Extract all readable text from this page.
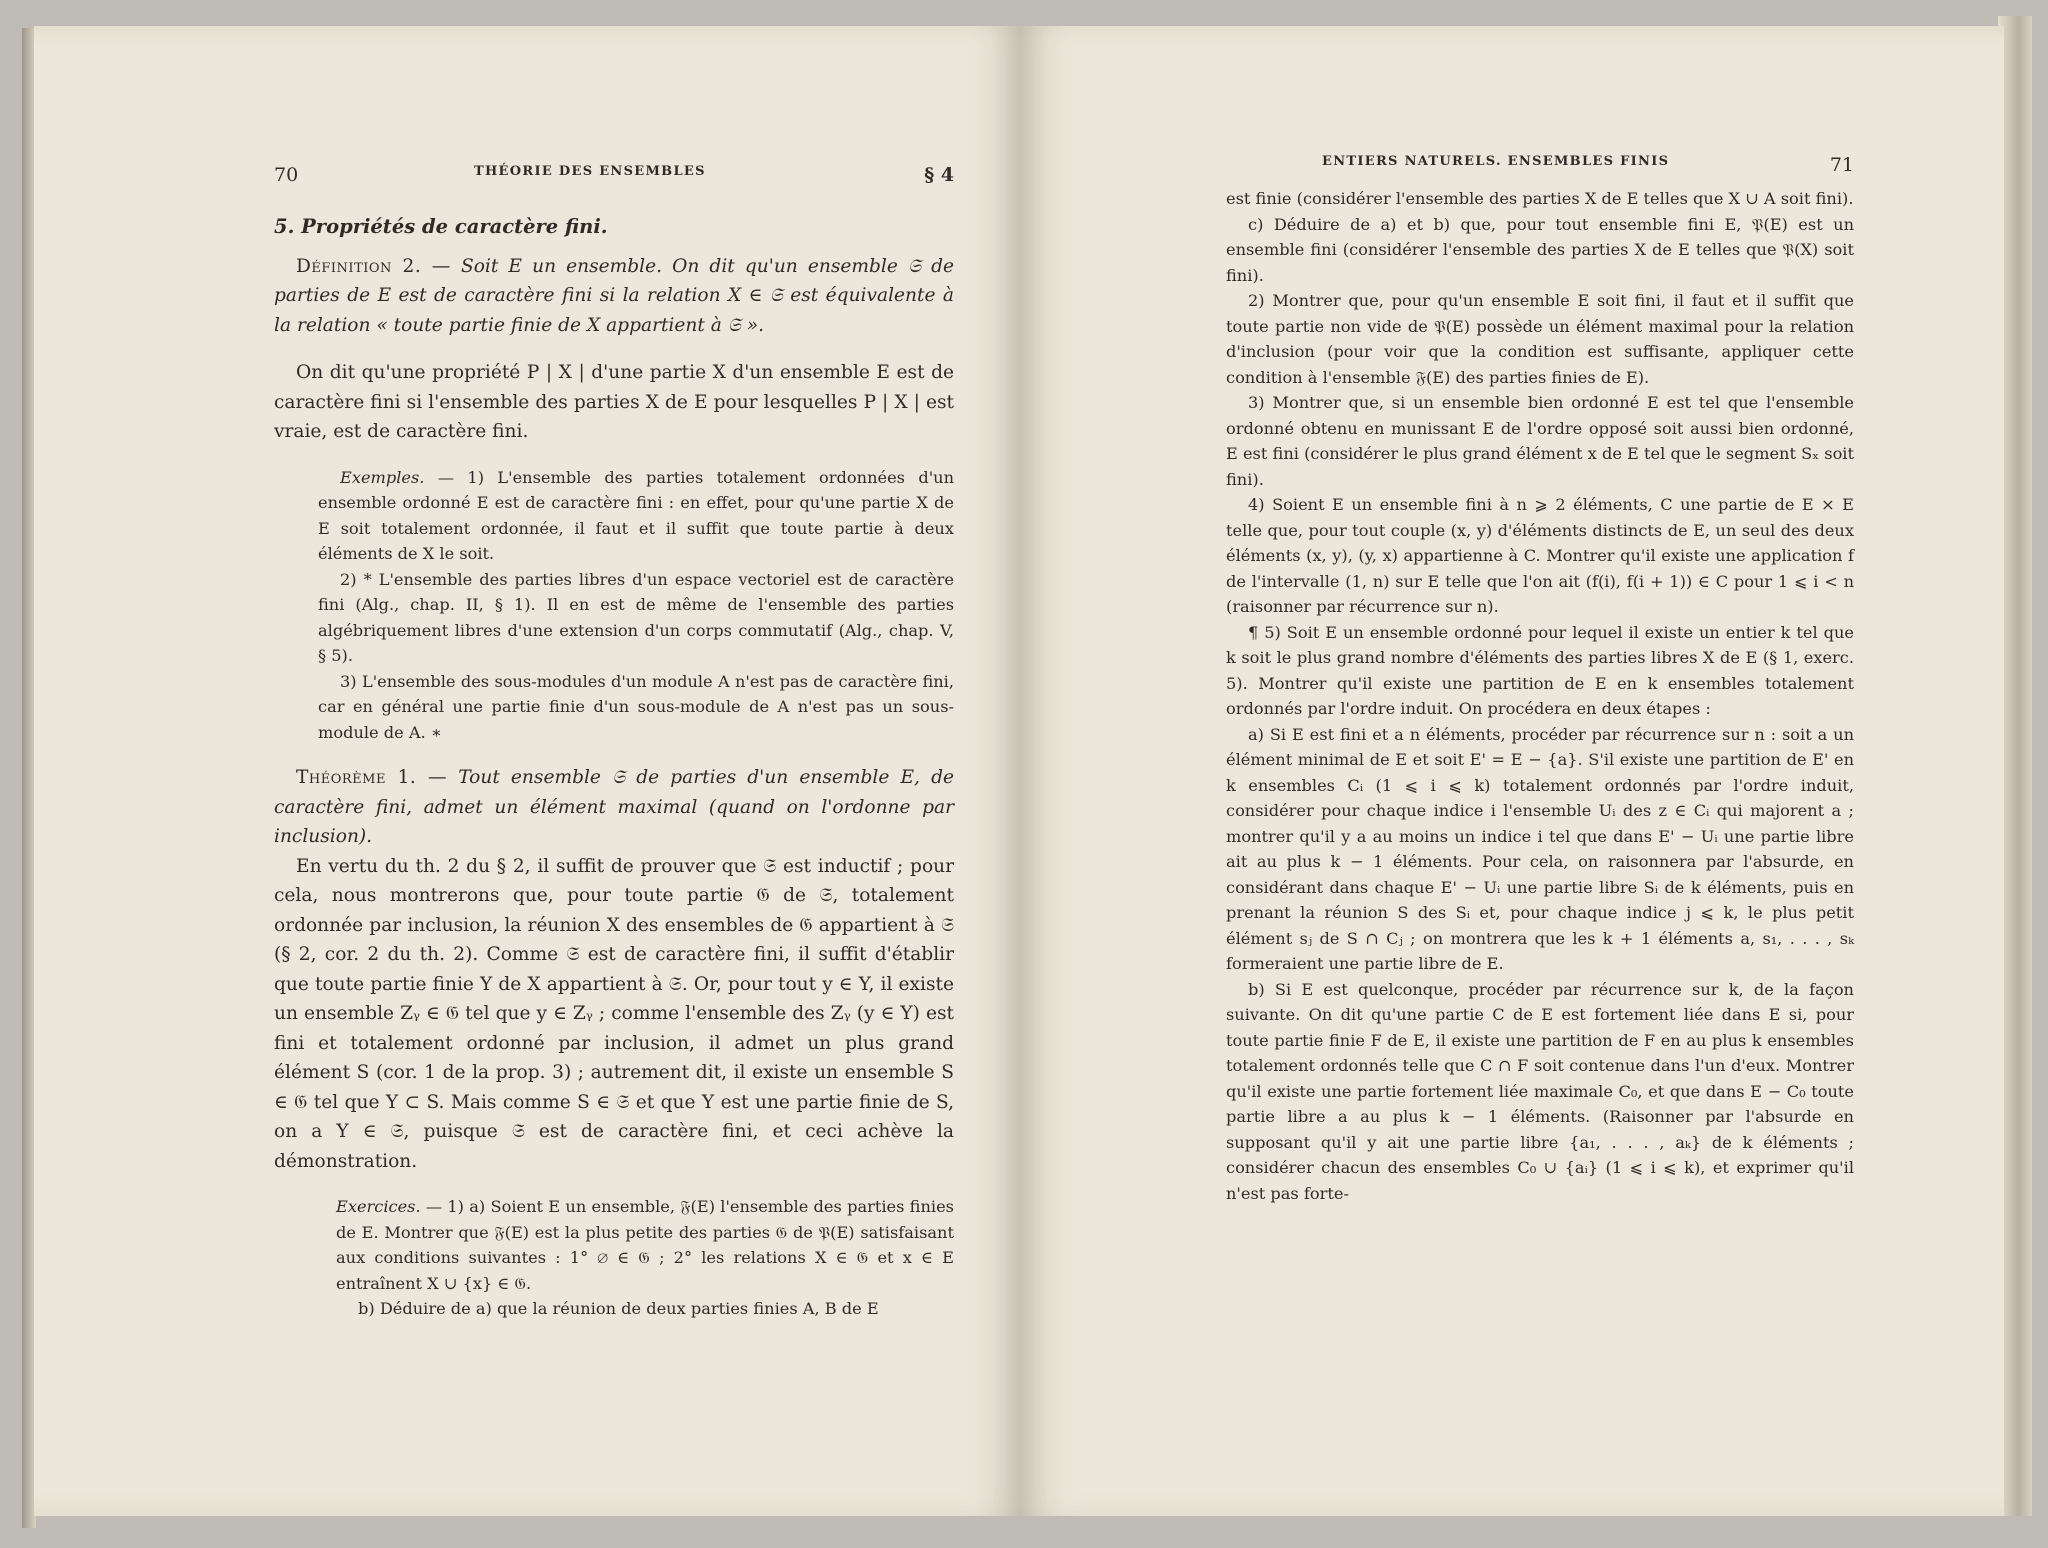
70	THÉORIE DES ENSEMBLES	§ 4

5. Propriétés de caractère fini.

Définition 2. — Soit E un ensemble. On dit qu'un ensemble 𝔖 de parties de E est de caractère fini si la relation X ∈ 𝔖 est équivalente à la relation « toute partie finie de X appartient à 𝔖 ».

On dit qu'une propriété P | X | d'une partie X d'un ensemble E est de caractère fini si l'ensemble des parties X de E pour lesquelles P | X | est vraie, est de caractère fini.

Exemples. — 1) L'ensemble des parties totalement ordonnées d'un ensemble ordonné E est de caractère fini : en effet, pour qu'une partie X de E soit totalement ordonnée, il faut et il suffit que toute partie à deux éléments de X le soit.

2) * L'ensemble des parties libres d'un espace vectoriel est de caractère fini (Alg., chap. II, § 1). Il en est de même de l'ensemble des parties algébriquement libres d'une extension d'un corps commutatif (Alg., chap. V, § 5).

3) L'ensemble des sous-modules d'un module A n'est pas de caractère fini, car en général une partie finie d'un sous-module de A n'est pas un sous-module de A. ∗

Théorème 1. — Tout ensemble 𝔖 de parties d'un ensemble E, de caractère fini, admet un élément maximal (quand on l'ordonne par inclusion).

En vertu du th. 2 du § 2, il suffit de prouver que 𝔖 est inductif ; pour cela, nous montrerons que, pour toute partie 𝔊 de 𝔖, totalement ordonnée par inclusion, la réunion X des ensembles de 𝔊 appartient à 𝔖 (§ 2, cor. 2 du th. 2). Comme 𝔖 est de caractère fini, il suffit d'établir que toute partie finie Y de X appartient à 𝔖. Or, pour tout y ∈ Y, il existe un ensemble Zᵧ ∈ 𝔊 tel que y ∈ Zᵧ ; comme l'ensemble des Zᵧ (y ∈ Y) est fini et totalement ordonné par inclusion, il admet un plus grand élément S (cor. 1 de la prop. 3) ; autrement dit, il existe un ensemble S ∈ 𝔊 tel que Y ⊂ S. Mais comme S ∈ 𝔖 et que Y est une partie finie de S, on a Y ∈ 𝔖, puisque 𝔖 est de caractère fini, et ceci achève la démonstration.

Exercices. — 1) a) Soient E un ensemble, 𝔉(E) l'ensemble des parties finies de E. Montrer que 𝔉(E) est la plus petite des parties 𝔊 de 𝔓(E) satisfaisant aux conditions suivantes : 1° ∅ ∈ 𝔊 ; 2° les relations X ∈ 𝔊 et x ∈ E entraînent X ∪ {x} ∈ 𝔊.

b) Déduire de a) que la réunion de deux parties finies A, B de E

ENTIERS NATURELS. ENSEMBLES FINIS	71

est finie (considérer l'ensemble des parties X de E telles que X ∪ A soit fini).

c) Déduire de a) et b) que, pour tout ensemble fini E, 𝔓(E) est un ensemble fini (considérer l'ensemble des parties X de E telles que 𝔓(X) soit fini).

2) Montrer que, pour qu'un ensemble E soit fini, il faut et il suffit que toute partie non vide de 𝔓(E) possède un élément maximal pour la relation d'inclusion (pour voir que la condition est suffisante, appliquer cette condition à l'ensemble 𝔉(E) des parties finies de E).

3) Montrer que, si un ensemble bien ordonné E est tel que l'ensemble ordonné obtenu en munissant E de l'ordre opposé soit aussi bien ordonné, E est fini (considérer le plus grand élément x de E tel que le segment Sₓ soit fini).

4) Soient E un ensemble fini à n ⩾ 2 éléments, C une partie de E × E telle que, pour tout couple (x, y) d'éléments distincts de E, un seul des deux éléments (x, y), (y, x) appartienne à C. Montrer qu'il existe une application f de l'intervalle (1, n) sur E telle que l'on ait (f(i), f(i + 1)) ∈ C pour 1 ⩽ i < n (raisonner par récurrence sur n).

¶ 5) Soit E un ensemble ordonné pour lequel il existe un entier k tel que k soit le plus grand nombre d'éléments des parties libres X de E (§ 1, exerc. 5). Montrer qu'il existe une partition de E en k ensembles totalement ordonnés par l'ordre induit. On procédera en deux étapes :

a) Si E est fini et a n éléments, procéder par récurrence sur n : soit a un élément minimal de E et soit E' = E − {a}. S'il existe une partition de E' en k ensembles Cᵢ (1 ⩽ i ⩽ k) totalement ordonnés par l'ordre induit, considérer pour chaque indice i l'ensemble Uᵢ des z ∈ Cᵢ qui majorent a ; montrer qu'il y a au moins un indice i tel que dans E' − Uᵢ une partie libre ait au plus k − 1 éléments. Pour cela, on raisonnera par l'absurde, en considérant dans chaque E' − Uᵢ une partie libre Sᵢ de k éléments, puis en prenant la réunion S des Sᵢ et, pour chaque indice j ⩽ k, le plus petit élément sⱼ de S ∩ Cⱼ ; on montrera que les k + 1 éléments a, s₁, . . . , sₖ formeraient une partie libre de E.

b) Si E est quelconque, procéder par récurrence sur k, de la façon suivante. On dit qu'une partie C de E est fortement liée dans E si, pour toute partie finie F de E, il existe une partition de F en au plus k ensembles totalement ordonnés telle que C ∩ F soit contenue dans l'un d'eux. Montrer qu'il existe une partie fortement liée maximale C₀, et que dans E − C₀ toute partie libre a au plus k − 1 éléments. (Raisonner par l'absurde en supposant qu'il y ait une partie libre {a₁, . . . , aₖ} de k éléments ; considérer chacun des ensembles C₀ ∪ {aᵢ} (1 ⩽ i ⩽ k), et exprimer qu'il n'est pas forte-
